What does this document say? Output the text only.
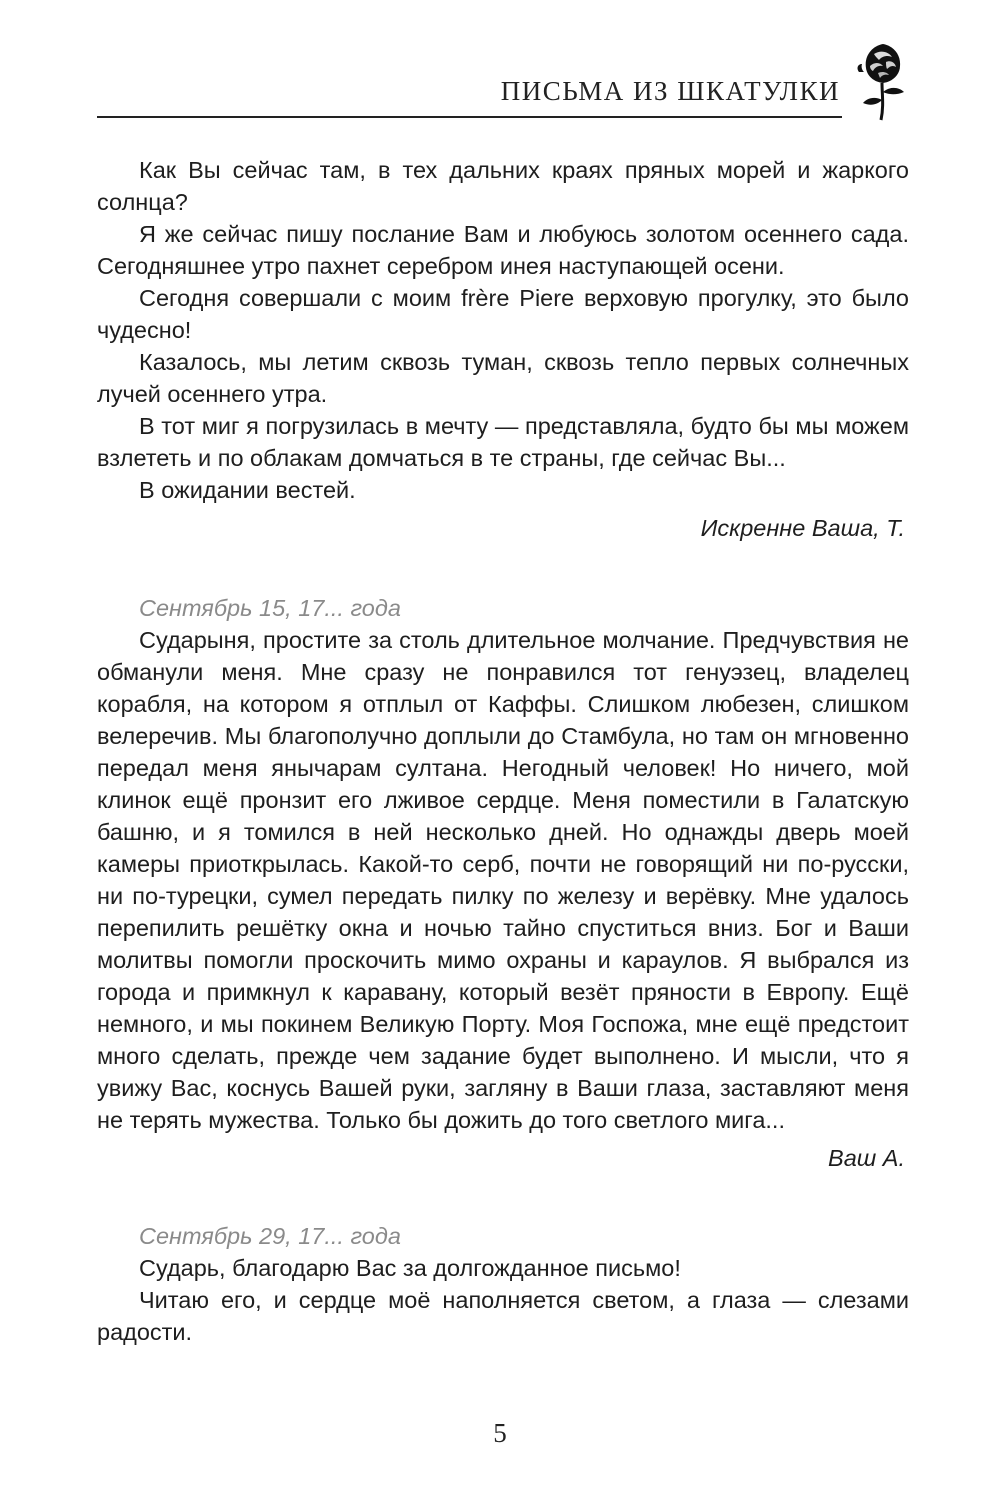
ПИСЬМА ИЗ ШКАТУЛКИ

Как Вы сейчас там, в тех дальних краях пряных морей и жаркого солнца?

Я же сейчас пишу послание Вам и любуюсь золотом осеннего сада. Сегодняшнее утро пахнет серебром инея наступающей осени.

Сегодня совершали с моим frère Piere верховую прогулку, это было чудесно!

Казалось, мы летим сквозь туман, сквозь тепло первых солнечных лучей осеннего утра.

В тот миг я погрузилась в мечту — представляла, будто бы мы можем взлететь и по облакам домчаться в те страны, где сейчас Вы...

В ожидании вестей.

Искренне Ваша, Т.

Сентябрь 15, 17... года

Сударыня, простите за столь длительное молчание. Предчувствия не обманули меня. Мне сразу не понравился тот генуэзец, владелец корабля, на котором я отплыл от Каффы. Слишком любезен, слишком велеречив. Мы благополучно доплыли до Стамбула, но там он мгновенно передал меня янычарам султана. Негодный человек! Но ничего, мой клинок ещё пронзит его лживое сердце. Меня поместили в Галатскую башню, и я томился в ней несколько дней. Но однажды дверь моей камеры приоткрылась. Какой-то серб, почти не говорящий ни по-русски, ни по-турецки, сумел передать пилку по железу и верёвку. Мне удалось перепилить решётку окна и ночью тайно спуститься вниз. Бог и Ваши молитвы помогли проскочить мимо охраны и караулов. Я выбрался из города и примкнул к каравану, который везёт пряности в Европу. Ещё немного, и мы покинем Великую Порту. Моя Госпожа, мне ещё предстоит много сделать, прежде чем задание будет выполнено. И мысли, что я увижу Вас, коснусь Вашей руки, загляну в Ваши глаза, заставляют меня не терять мужества. Только бы дожить до того светлого мига...

Ваш А.

Сентябрь 29, 17... года

Сударь, благодарю Вас за долгожданное письмо!

Читаю его, и сердце моё наполняется светом, а глаза — слезами радости.

5
